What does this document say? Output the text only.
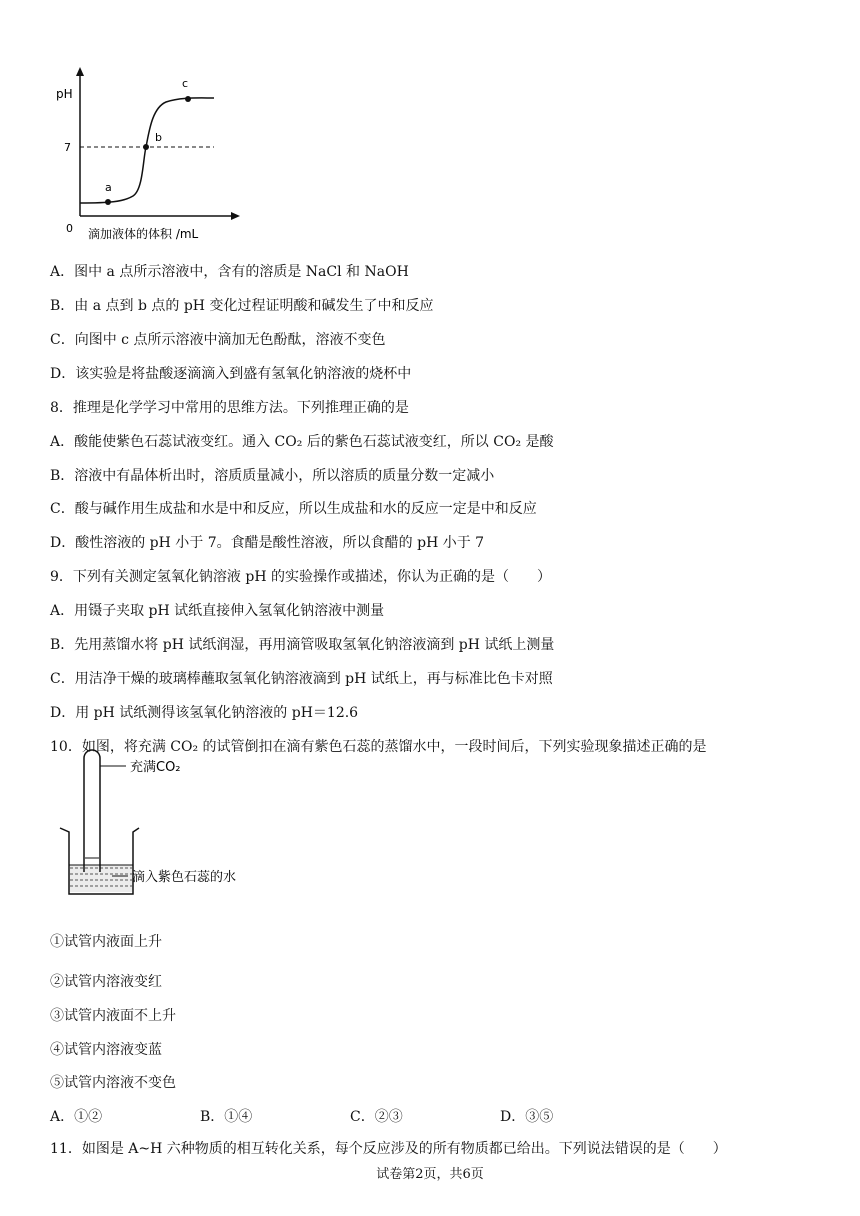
a
b
c
pH
7
0 滴加液体的体积 /mL
A．图中 a 点所示溶液中，含有的溶质是 NaCl 和 NaOH
B．由 a 点到 b 点的 pH 变化过程证明酸和碱发生了中和反应
C．向图中 c 点所示溶液中滴加无色酚酞，溶液不变色
D．该实验是将盐酸逐滴滴入到盛有氢氧化钠溶液的烧杯中
8．推理是化学学习中常用的思维方法。下列推理正确的是
A．酸能使紫色石蕊试液变红。通入 CO₂ 后的紫色石蕊试液变红，所以 CO₂ 是酸
B．溶液中有晶体析出时，溶质质量减小，所以溶质的质量分数一定减小
C．酸与碱作用生成盐和水是中和反应，所以生成盐和水的反应一定是中和反应
D．酸性溶液的 pH 小于 7。食醋是酸性溶液，所以食醋的 pH 小于 7
9．下列有关测定氢氧化钠溶液 pH 的实验操作或描述，你认为正确的是（　　）
A．用镊子夹取 pH 试纸直接伸入氢氧化钠溶液中测量
B．先用蒸馏水将 pH 试纸润湿，再用滴管吸取氢氧化钠溶液滴到 pH 试纸上测量
C．用洁净干燥的玻璃棒蘸取氢氧化钠溶液滴到 pH 试纸上，再与标准比色卡对照
D．用 pH 试纸测得该氢氧化钠溶液的 pH＝12.6
10．如图，将充满 CO₂ 的试管倒扣在滴有紫色石蕊的蒸馏水中，一段时间后，下列实验现象描述正确的是
充满CO₂
滴入紫色石蕊的水
①试管内液面上升
②试管内溶液变红
③试管内液面不上升
④试管内溶液变蓝
⑤试管内溶液不变色
A．①②	B．①④	C．②③	D．③⑤
11．如图是 A~H 六种物质的相互转化关系，每个反应涉及的所有物质都已给出。下列说法错误的是（　　）
试卷第2页，共6页
